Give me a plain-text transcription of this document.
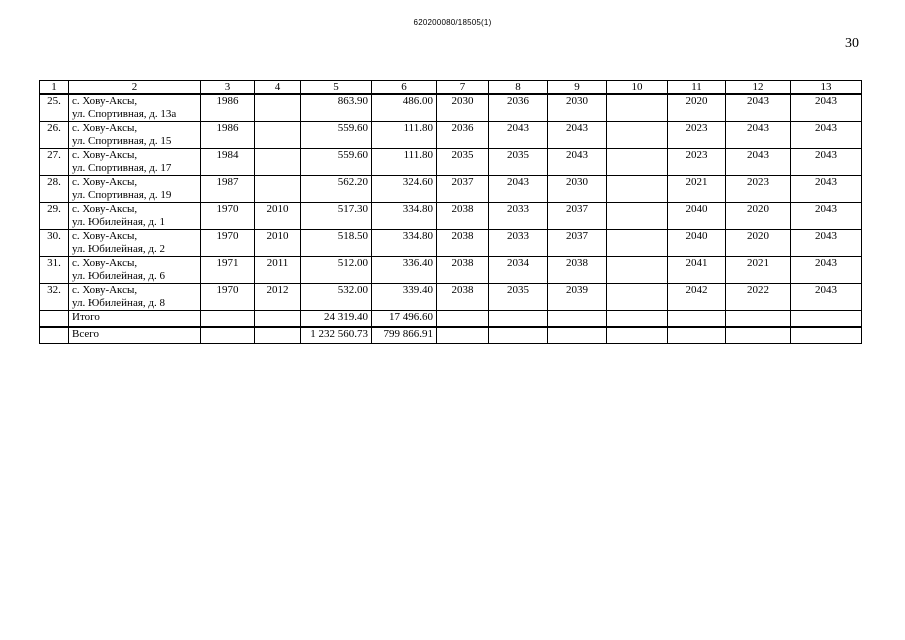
620200080/18505(1)
30
1	2	3	4	5	6	7	8	9	10	11	12	13
25.	с. Хову-Аксы,
ул. Спортивная, д. 13а	1986		863.90	486.00	2030	2036	2030		2020	2043	2043
26.	с. Хову-Аксы,
ул. Спортивная, д. 15	1986		559.60	111.80	2036	2043	2043		2023	2043	2043
27.	с. Хову-Аксы,
ул. Спортивная, д. 17	1984		559.60	111.80	2035	2035	2043		2023	2043	2043
28.	с. Хову-Аксы,
ул. Спортивная, д. 19	1987		562.20	324.60	2037	2043	2030		2021	2023	2043
29.	с. Хову-Аксы,
ул. Юбилейная, д. 1	1970	2010	517.30	334.80	2038	2033	2037		2040	2020	2043
30.	с. Хову-Аксы,
ул. Юбилейная, д. 2	1970	2010	518.50	334.80	2038	2033	2037		2040	2020	2043
31.	с. Хову-Аксы,
ул. Юбилейная, д. 6	1971	2011	512.00	336.40	2038	2034	2038		2041	2021	2043
32.	с. Хову-Аксы,
ул. Юбилейная, д. 8	1970	2012	532.00	339.40	2038	2035	2039		2042	2022	2043
	Итого			24 319.40	17 496.60							
	Всего			1 232 560.73	799 866.91							
